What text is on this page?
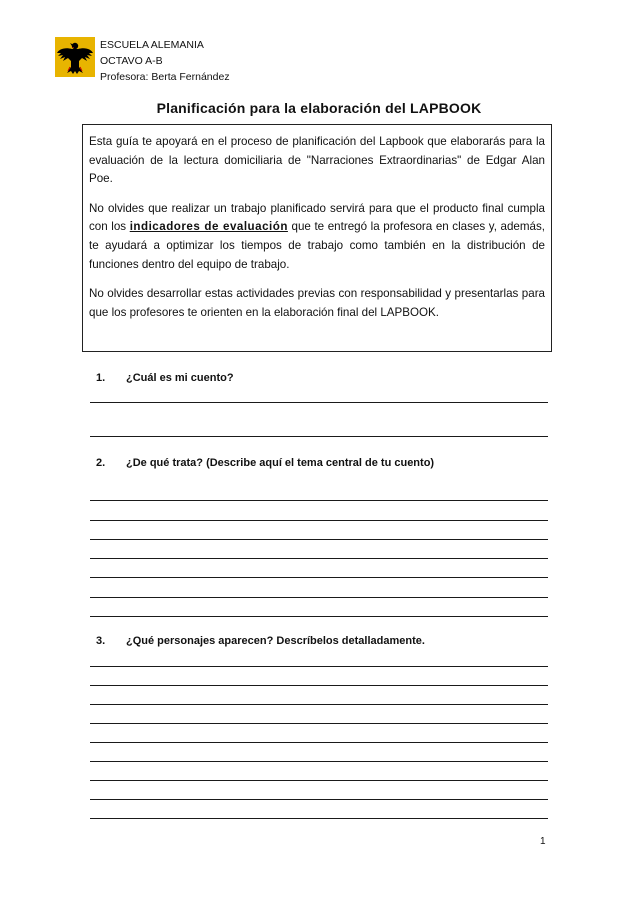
ESCUELA ALEMANIA
OCTAVO A-B
Profesora: Berta Fernández
Planificación para la elaboración del LAPBOOK

Esta guía te apoyará en el proceso de planificación del Lapbook que elaborarás para la evaluación de la lectura domiciliaria de "Narraciones Extraordinarias" de Edgar Alan Poe.

No olvides que realizar un trabajo planificado servirá para que el producto final cumpla con los indicadores de evaluación que te entregó la profesora en clases y, además, te ayudará a optimizar los tiempos de trabajo como también en la distribución de funciones dentro del equipo de trabajo.

No olvides desarrollar estas actividades previas con responsabilidad y presentarlas para que los profesores te orienten en la elaboración final del LAPBOOK.

1. ¿Cuál es mi cuento?
2. ¿De qué trata? (Describe aquí el tema central de tu cuento)
3. ¿Qué personajes aparecen? Descríbelos detalladamente.
1
